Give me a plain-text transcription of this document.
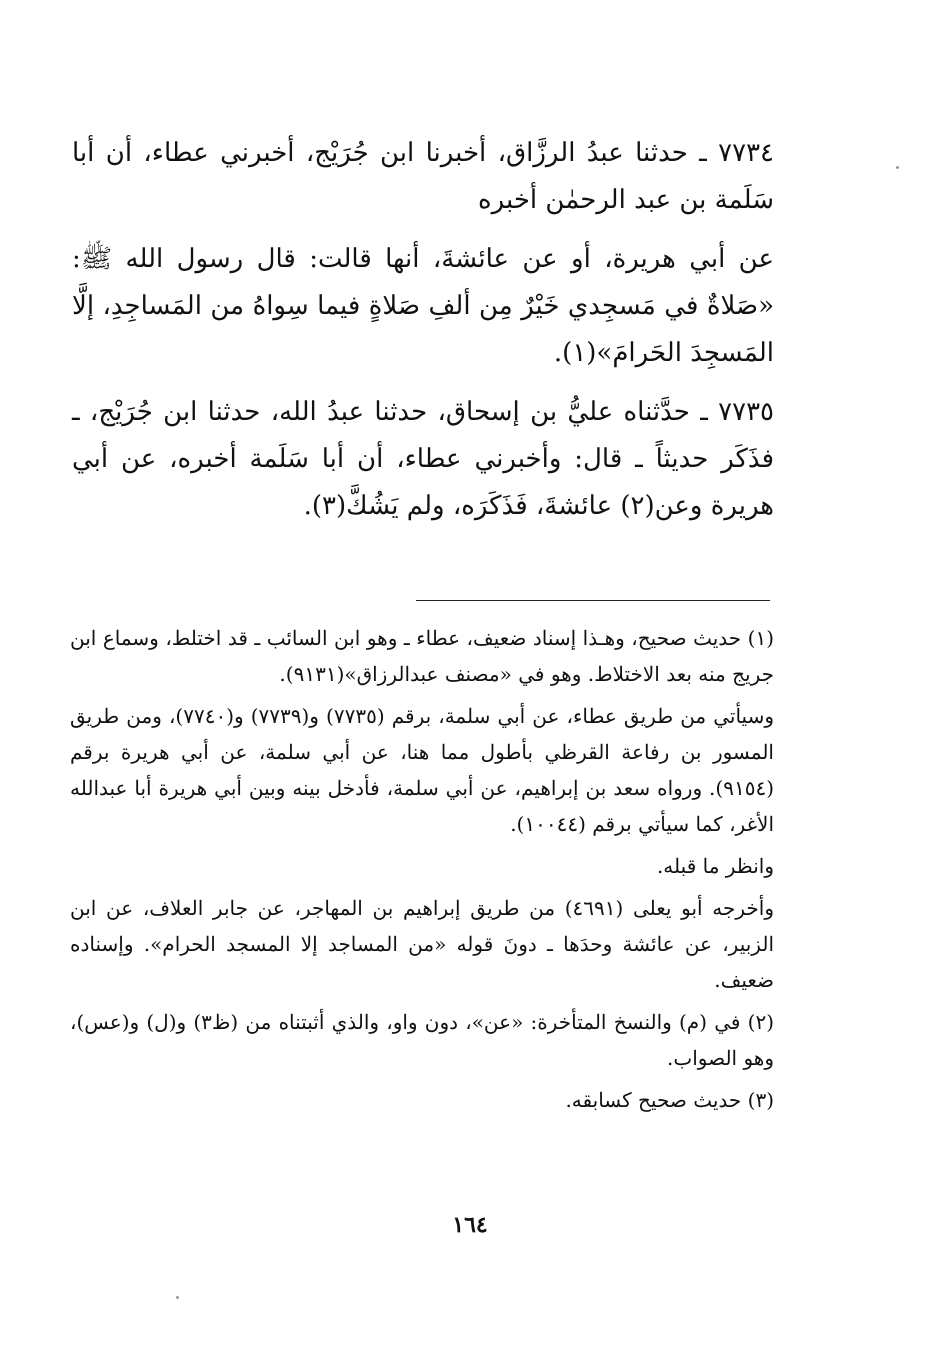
٧٧٣٤ ـ حدثنا عبدُ الرزَّاق، أخبرنا ابن جُرَيْج، أخبرني عطاء، أن أبا سَلَمة بن عبد الرحمٰن أخبره

عن أبي هريرة، أو عن عائشةَ، أنها قالت: قال رسول الله ﷺ: «صَلاةٌ في مَسجِدي خَيْرٌ مِن ألفِ صَلاةٍ فيما سِواهُ من المَساجِدِ، إلَّا المَسجِدَ الحَرامَ»(١).

٧٧٣٥ ـ حدَّثناه عليُّ بن إسحاق، حدثنا عبدُ الله، حدثنا ابن جُرَيْج، ـ فذَكَر حديثاً ـ قال: وأخبرني عطاء، أن أبا سَلَمة أخبره، عن أبي هريرة وعن(٢) عائشةَ، فَذَكَرَه، ولم يَشُكَّ(٣).

(١) حديث صحيح، وهـذا إسناد ضعيف، عطاء ـ وهو ابن السائب ـ قد اختلط، وسماع ابن جريج منه بعد الاختلاط. وهو في «مصنف عبدالرزاق»(٩١٣١).

وسيأتي من طريق عطاء، عن أبي سلمة، برقم (٧٧٣٥) و(٧٧٣٩) و(٧٧٤٠)، ومن طريق المسور بن رفاعة القرظي بأطول مما هنا، عن أبي سلمة، عن أبي هريرة برقم (٩١٥٤). ورواه سعد بن إبراهيم، عن أبي سلمة، فأدخل بينه وبين أبي هريرة أبا عبدالله الأغر، كما سيأتي برقم (١٠٠٤٤).

وانظر ما قبله.

وأخرجه أبو يعلى (٤٦٩١) من طريق إبراهيم بن المهاجر، عن جابر العلاف، عن ابن الزبير، عن عائشة وحدَها ـ دونَ قوله «من المساجد إلا المسجد الحرام». وإسناده ضعيف.

(٢) في (م) والنسخ المتأخرة: «عن»، دون واو، والذي أثبتناه من (ظ٣) و(ل) و(عس)، وهو الصواب.

(٣) حديث صحيح كسابقه.

١٦٤
